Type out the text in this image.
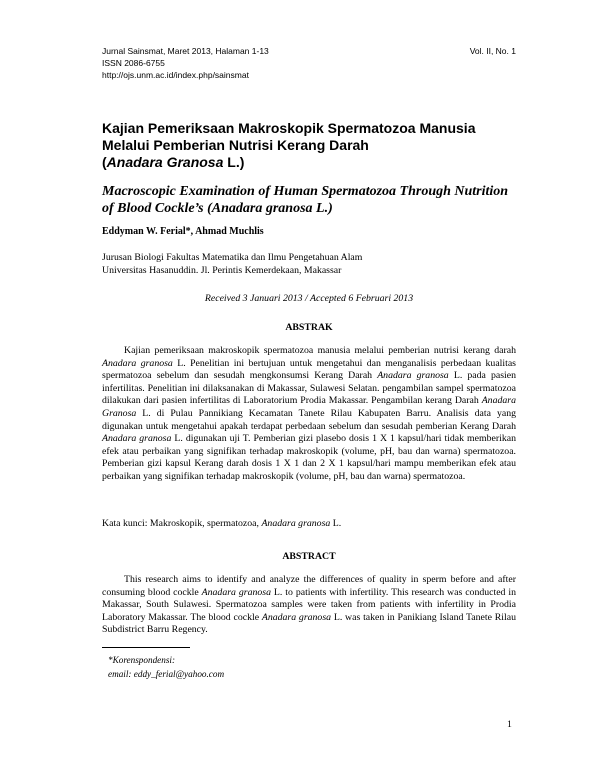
Jurnal Sainsmat, Maret 2013, Halaman 1-13
ISSN 2086-6755
http://ojs.unm.ac.id/index.php/sainsmat
Vol. II, No. 1
Kajian Pemeriksaan Makroskopik Spermatozoa Manusia
Melalui Pemberian Nutrisi Kerang Darah
(Anadara Granosa L.)
Macroscopic Examination of Human Spermatozoa Through Nutrition
of Blood Cockle’s (Anadara granosa L.)
Eddyman W. Ferial*, Ahmad Muchlis
Jurusan Biologi Fakultas Matematika dan Ilmu Pengetahuan Alam
Universitas Hasanuddin. Jl. Perintis Kemerdekaan, Makassar
Received 3 Januari 2013 / Accepted 6 Februari 2013
ABSTRAK
Kajian pemeriksaan makroskopik spermatozoa manusia melalui pemberian nutrisi kerang darah Anadara granosa L. Penelitian ini bertujuan untuk mengetahui dan menganalisis perbedaan kualitas spermatozoa sebelum dan sesudah mengkonsumsi Kerang Darah Anadara granosa L. pada pasien infertilitas. Penelitian ini dilaksanakan di Makassar, Sulawesi Selatan. pengambilan sampel spermatozoa dilakukan dari pasien infertilitas di Laboratorium Prodia Makassar. Pengambilan kerang Darah Anadara Granosa L. di Pulau Pannikiang Kecamatan Tanete Rilau Kabupaten Barru. Analisis data yang digunakan untuk mengetahui apakah terdapat perbedaan sebelum dan sesudah pemberian Kerang Darah Anadara granosa L. digunakan uji T. Pemberian gizi plasebo dosis 1 X 1 kapsul/hari tidak memberikan efek atau perbaikan yang signifikan terhadap makroskopik (volume, pH, bau dan warna) spermatozoa. Pemberian gizi kapsul Kerang darah dosis 1 X 1 dan 2 X 1 kapsul/hari mampu memberikan efek atau perbaikan yang signifikan terhadap makroskopik (volume, pH, bau dan warna) spermatozoa.
Kata kunci: Makroskopik, spermatozoa, Anadara granosa L.
ABSTRACT
This research aims to identify and analyze the differences of quality in sperm before and after consuming blood cockle Anadara granosa L. to patients with infertility. This research was conducted in Makassar, South Sulawesi. Spermatozoa samples were taken from patients with infertility in Prodia Laboratory Makassar. The blood cockle Anadara granosa L. was taken in Panikiang Island Tanete Rilau Subdistrict Barru Regency.
*Korenspondensi:
email: eddy_ferial@yahoo.com
1
